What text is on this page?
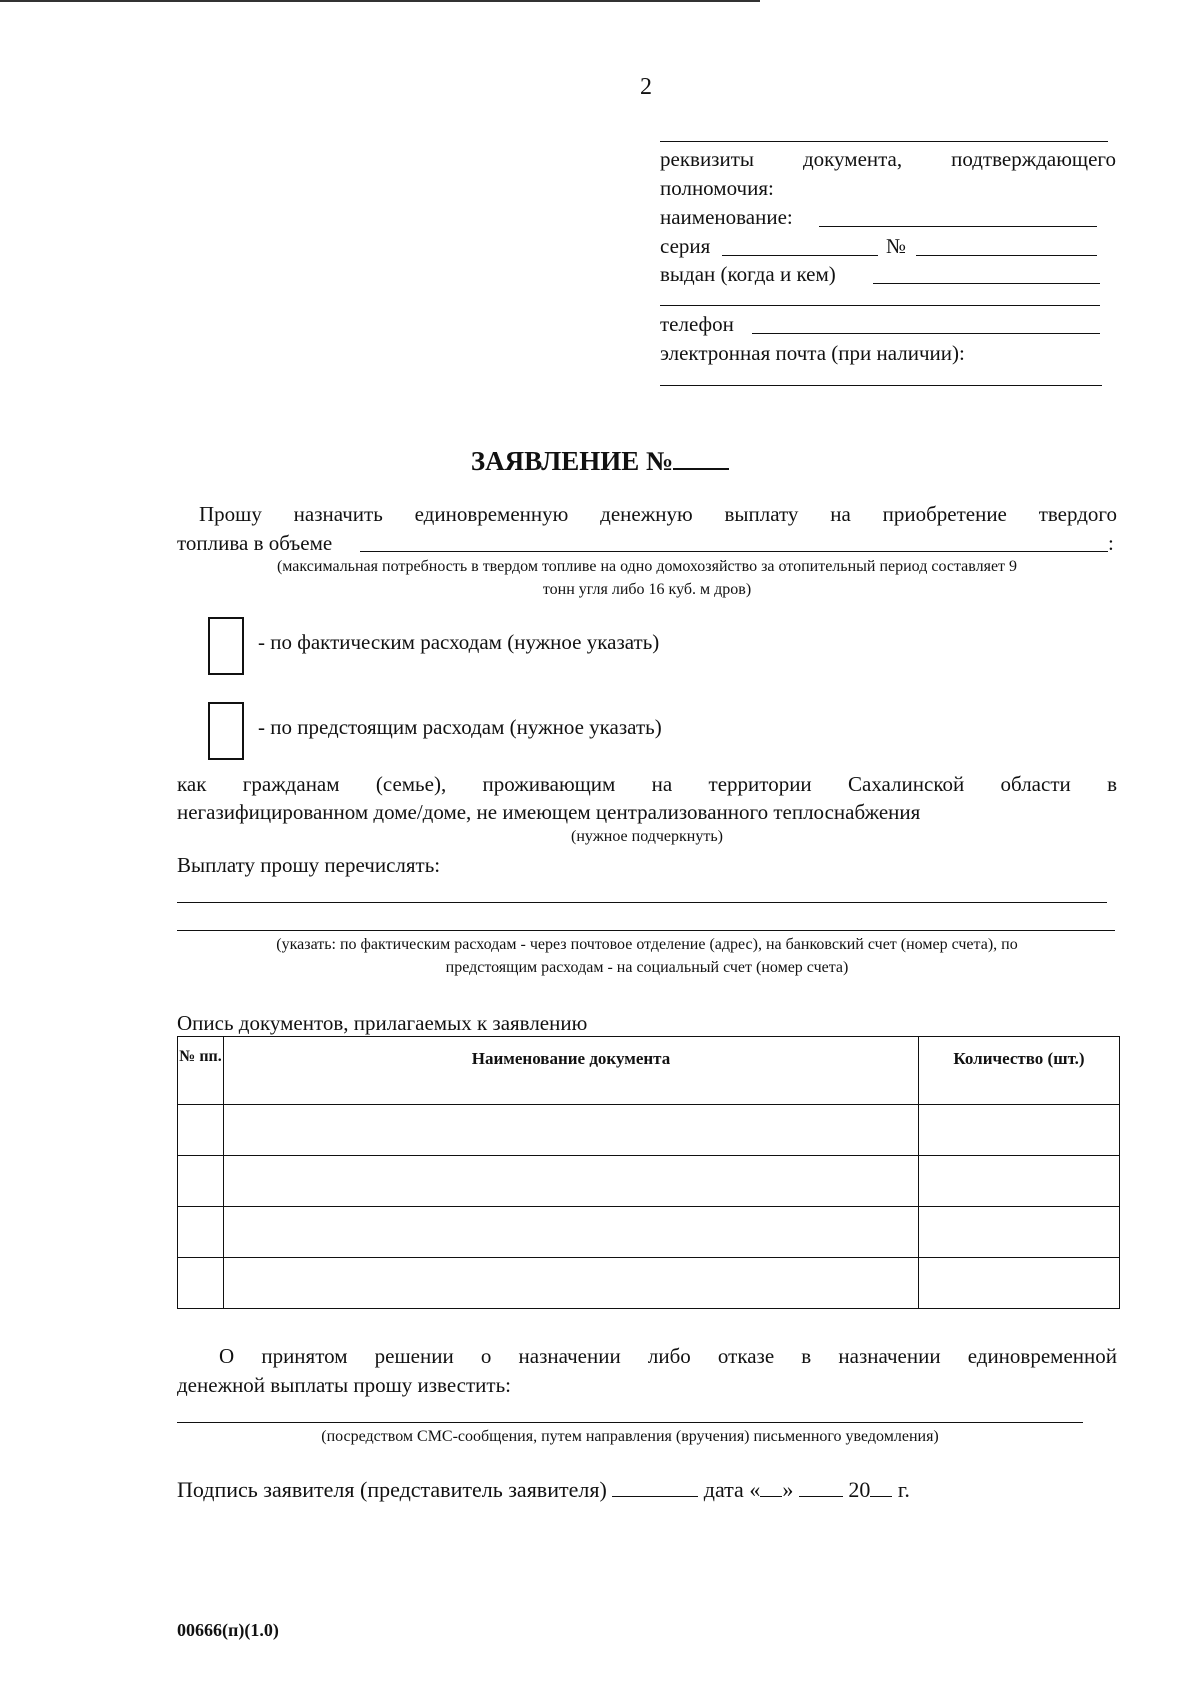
2
реквизиты документа, подтверждающего
полномочия:
наименование:
серия	№
выдан (когда и кем)
телефон
электронная почта (при наличии):
ЗАЯВЛЕНИЕ №
Прошу назначить единовременную денежную выплату на приобретение твердого
топлива в объеме	:
(максимальная потребность в твердом топливе на одно домохозяйство за отопительный период составляет 9
тонн угля либо 16 куб. м дров)
- по фактическим расходам (нужное указать)
- по предстоящим расходам (нужное указать)
как гражданам (семье), проживающим на территории Сахалинской области в
негазифицированном доме/доме, не имеющем централизованного теплоснабжения
(нужное подчеркнуть)
Выплату прошу перечислять:
(указать: по фактическим расходам - через почтовое отделение (адрес), на банковский счет (номер счета), по
предстоящим расходам - на социальный счет (номер счета)
Опись документов, прилагаемых к заявлению
№ пп.	Наименование документа	Количество (шт.)

О принятом решении о назначении либо отказе в назначении единовременной
денежной выплаты прошу известить:
(посредством СМС-сообщения, путем направления (вручения) письменного уведомления)
Подпись заявителя (представитель заявителя)	дата « »	20 г.
00666(п)(1.0)
